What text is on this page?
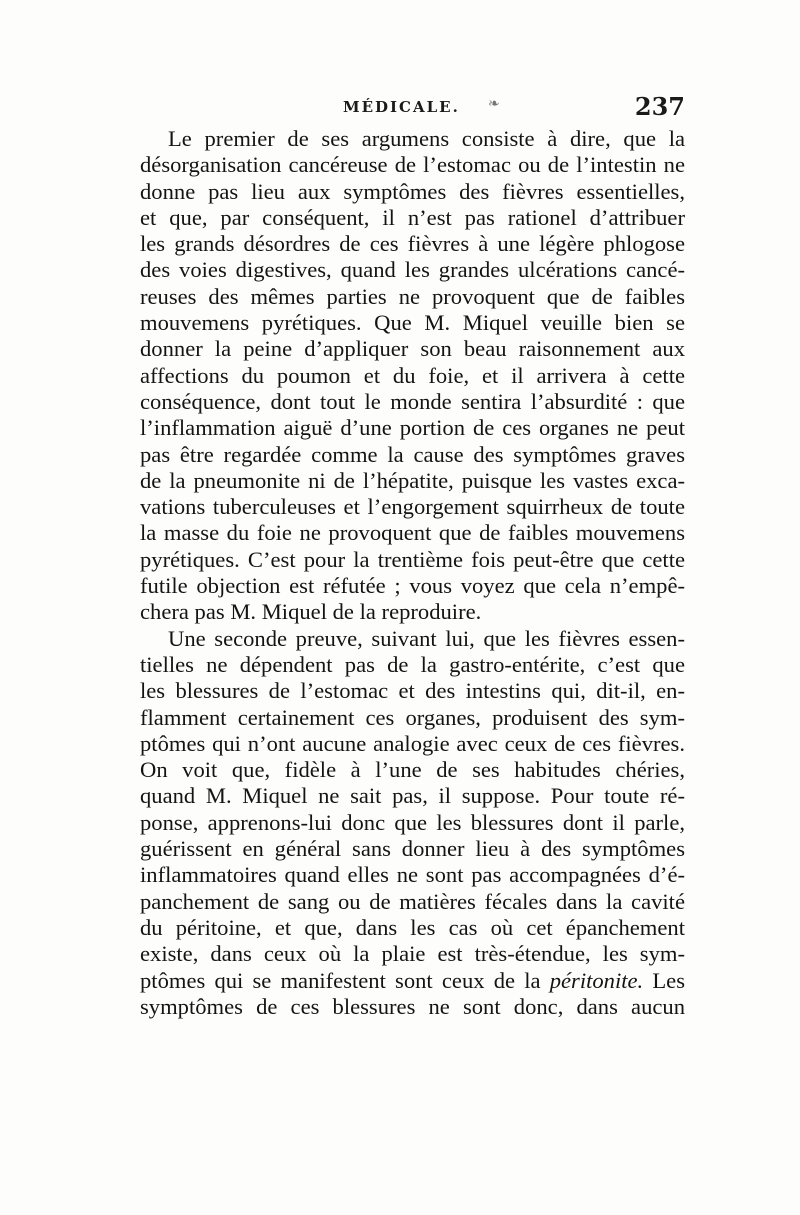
MÉDICALE. ❧	237
Le premier de ses argumens consiste à dire, que la
désorganisation cancéreuse de l’estomac ou de l’intestin ne
donne pas lieu aux symptômes des fièvres essentielles,
et que, par conséquent, il n’est pas rationel d’attribuer
les grands désordres de ces fièvres à une légère phlogose
des voies digestives, quand les grandes ulcérations cancé-
reuses des mêmes parties ne provoquent que de faibles
mouvemens pyrétiques. Que M. Miquel veuille bien se
donner la peine d’appliquer son beau raisonnement aux
affections du poumon et du foie, et il arrivera à cette
conséquence, dont tout le monde sentira l’absurdité : que
l’inflammation aiguë d’une portion de ces organes ne peut
pas être regardée comme la cause des symptômes graves
de la pneumonite ni de l’hépatite, puisque les vastes exca-
vations tuberculeuses et l’engorgement squirrheux de toute
la masse du foie ne provoquent que de faibles mouvemens
pyrétiques. C’est pour la trentième fois peut-être que cette
futile objection est réfutée ; vous voyez que cela n’empê-
chera pas M. Miquel de la reproduire.
Une seconde preuve, suivant lui, que les fièvres essen-
tielles ne dépendent pas de la gastro-entérite, c’est que
les blessures de l’estomac et des intestins qui, dit-il, en-
flamment certainement ces organes, produisent des sym-
ptômes qui n’ont aucune analogie avec ceux de ces fièvres.
On voit que, fidèle à l’une de ses habitudes chéries,
quand M. Miquel ne sait pas, il suppose. Pour toute ré-
ponse, apprenons-lui donc que les blessures dont il parle,
guérissent en général sans donner lieu à des symptômes
inflammatoires quand elles ne sont pas accompagnées d’é-
panchement de sang ou de matières fécales dans la cavité
du péritoine, et que, dans les cas où cet épanchement
existe, dans ceux où la plaie est très-étendue, les sym-
ptômes qui se manifestent sont ceux de la péritonite. Les
symptômes de ces blessures ne sont donc, dans aucun
